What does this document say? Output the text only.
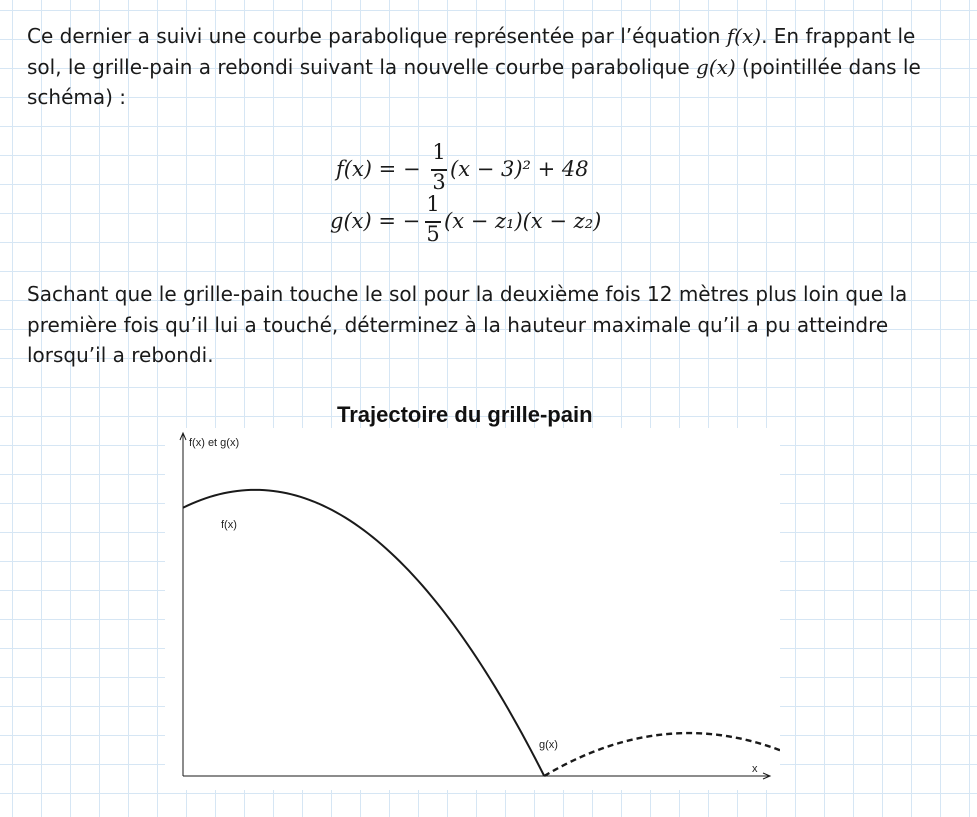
Ce dernier a suivi une courbe parabolique représentée par l’équation f(x). En frappant le sol, le grille-pain a rebondi suivant la nouvelle courbe parabolique g(x) (pointillée dans le schéma) :

f(x) = −
1
3
(x − 3)² + 48
g(x) = −
1
5
(x − z₁)(x − z₂)

Sachant que le grille-pain touche le sol pour la deuxième fois 12 mètres plus loin que la première fois qu’il lui a touché, déterminez à la hauteur maximale qu’il a pu atteindre lorsqu’il a rebondi.

Trajectoire du grille-pain
f(x) et g(x)
x
f(x)
g(x)
